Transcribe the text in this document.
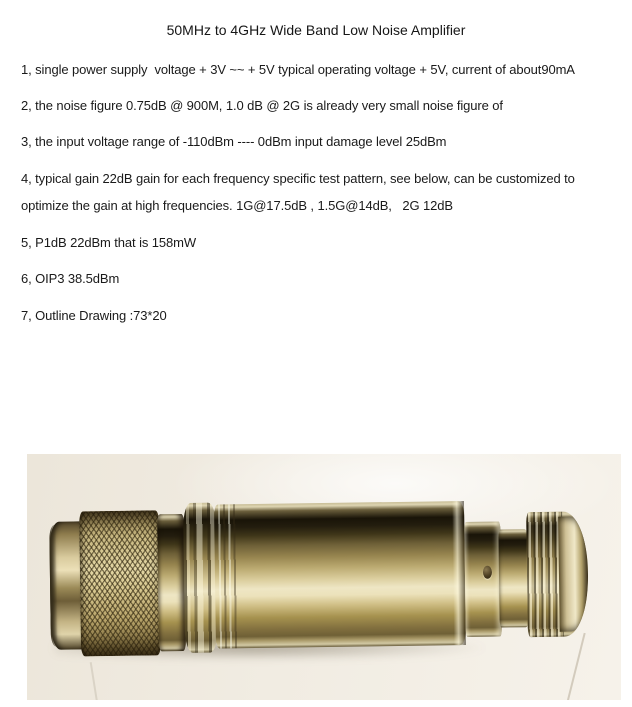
50MHz to 4GHz Wide Band Low Noise Amplifier
1, single power supply  voltage + 3V ~~ + 5V typical operating voltage + 5V, current of about90mA
2, the noise figure 0.75dB @ 900M, 1.0 dB @ 2G is already very small noise figure of
3, the input voltage range of -110dBm ---- 0dBm input damage level 25dBm
4, typical gain 22dB gain for each frequency specific test pattern, see below, can be customized to
optimize the gain at high frequencies. 1G@17.5dB , 1.5G@14dB,   2G 12dB
5, P1dB 22dBm that is 158mW
6, OIP3 38.5dBm
7, Outline Drawing :73*20
